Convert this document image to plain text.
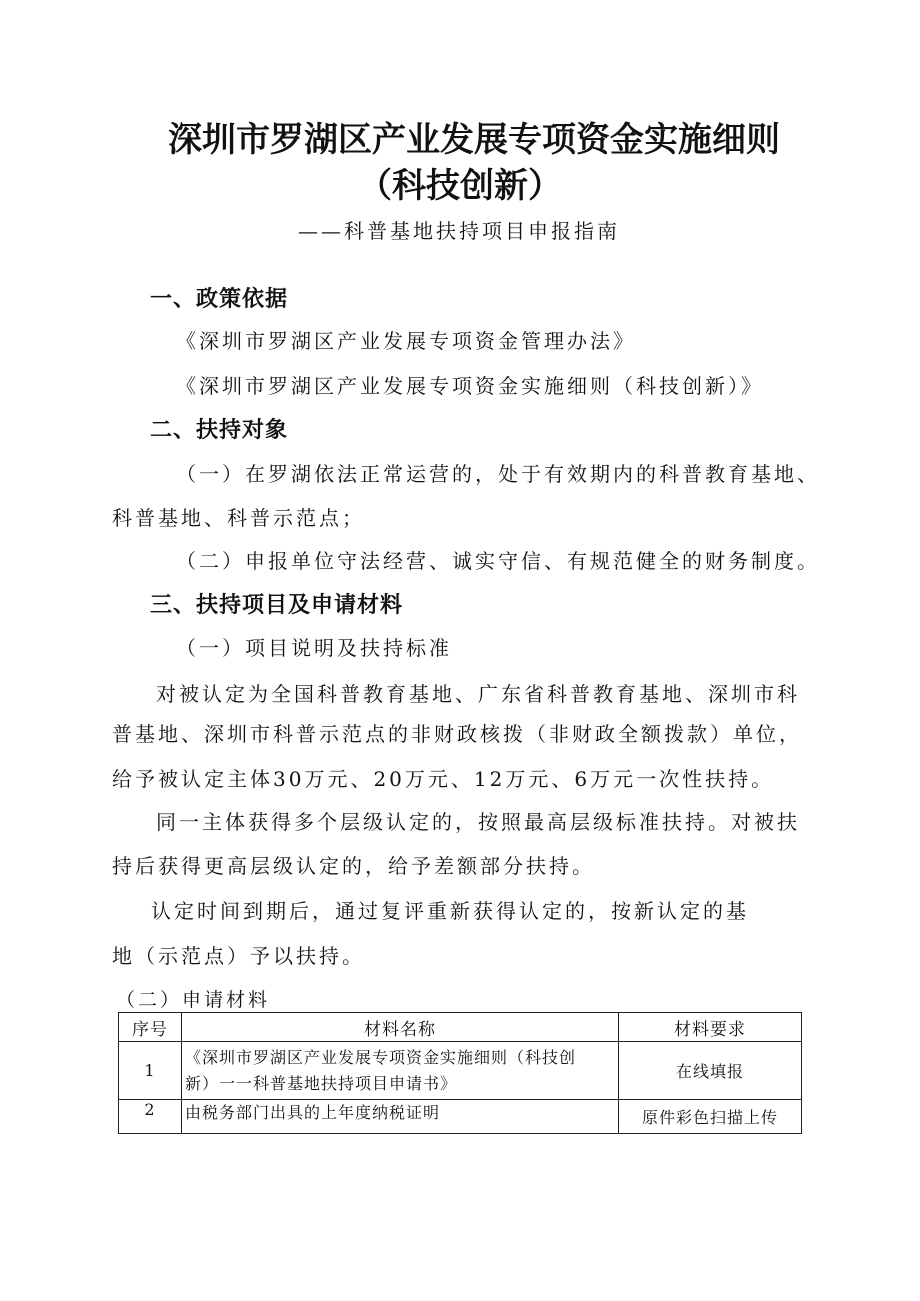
深圳市罗湖区产业发展专项资金实施细则
（科技创新）
——科普基地扶持项目申报指南
一、政策依据
《深圳市罗湖区产业发展专项资金管理办法》
《深圳市罗湖区产业发展专项资金实施细则（科技创新）》
二、扶持对象
（一）在罗湖依法正常运营的，处于有效期内的科普教育基地、
科普基地、科普示范点；
（二）申报单位守法经营、诚实守信、有规范健全的财务制度。
三、扶持项目及申请材料
（一）项目说明及扶持标准
对被认定为全国科普教育基地、广东省科普教育基地、深圳市科
普基地、深圳市科普示范点的非财政核拨（非财政全额拨款）单位，
给予被认定主体30万元、20万元、12万元、6万元一次性扶持。
同一主体获得多个层级认定的，按照最高层级标准扶持。对被扶
持后获得更高层级认定的，给予差额部分扶持。
认定时间到期后，通过复评重新获得认定的，按新认定的基
地（示范点）予以扶持。
（二）申请材料
序号	材料名称	材料要求
1	《深圳市罗湖区产业发展专项资金实施细则（科技创
新）一一科普基地扶持项目申请书》	在线填报
2	由税务部门出具的上年度纳税证明	原件彩色扫描上传
